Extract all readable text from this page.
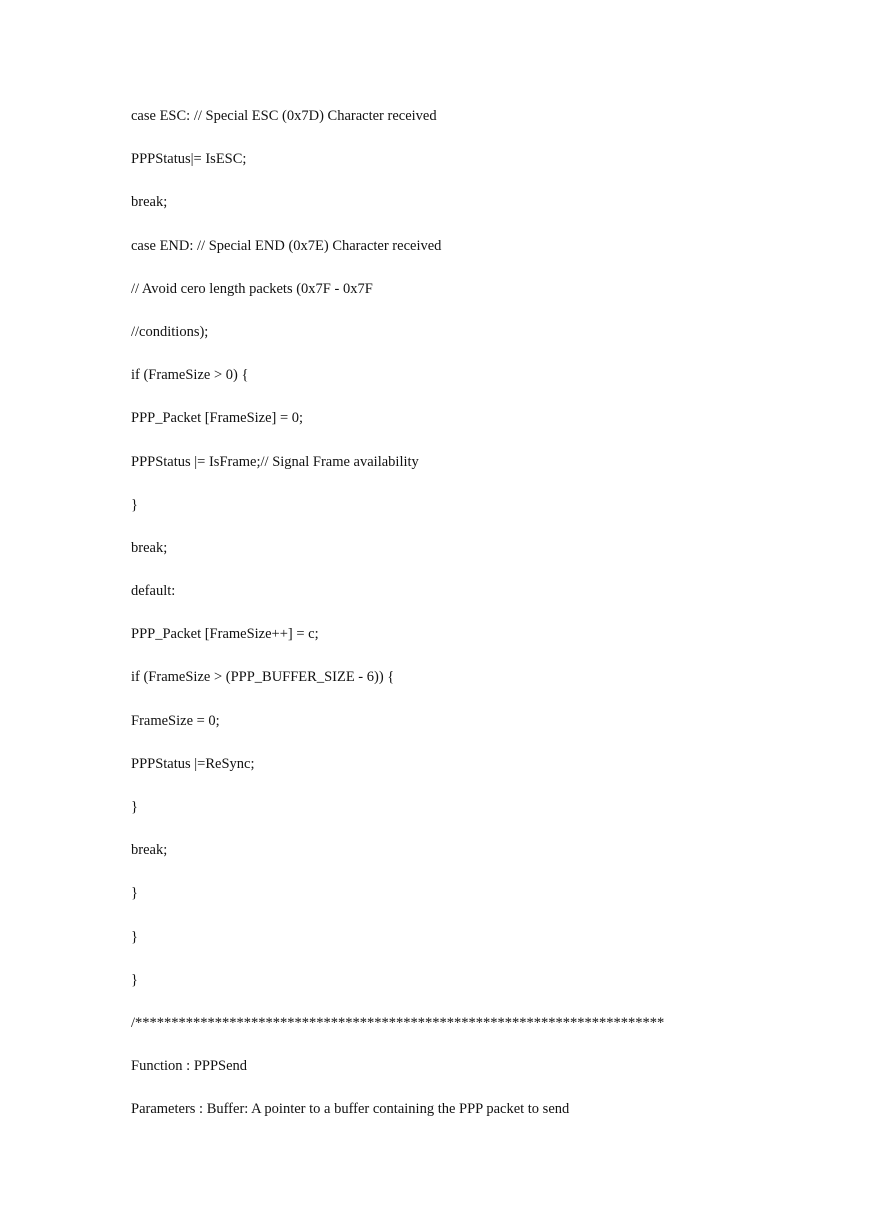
case ESC: // Special ESC (0x7D) Character received
PPPStatus|= IsESC;
break;
case END: // Special END (0x7E) Character received
// Avoid cero length packets (0x7F - 0x7F
//conditions);
if (FrameSize > 0) {
PPP_Packet [FrameSize] = 0;
PPPStatus |= IsFrame;// Signal Frame availability
}
break;
default:
PPP_Packet [FrameSize++] = c;
if (FrameSize > (PPP_BUFFER_SIZE - 6)) {
FrameSize = 0;
PPPStatus |=ReSync;
}
break;
}
}
}
/*************************************************************************
Function : PPPSend
Parameters : Buffer: A pointer to a buffer containing the PPP packet to send
